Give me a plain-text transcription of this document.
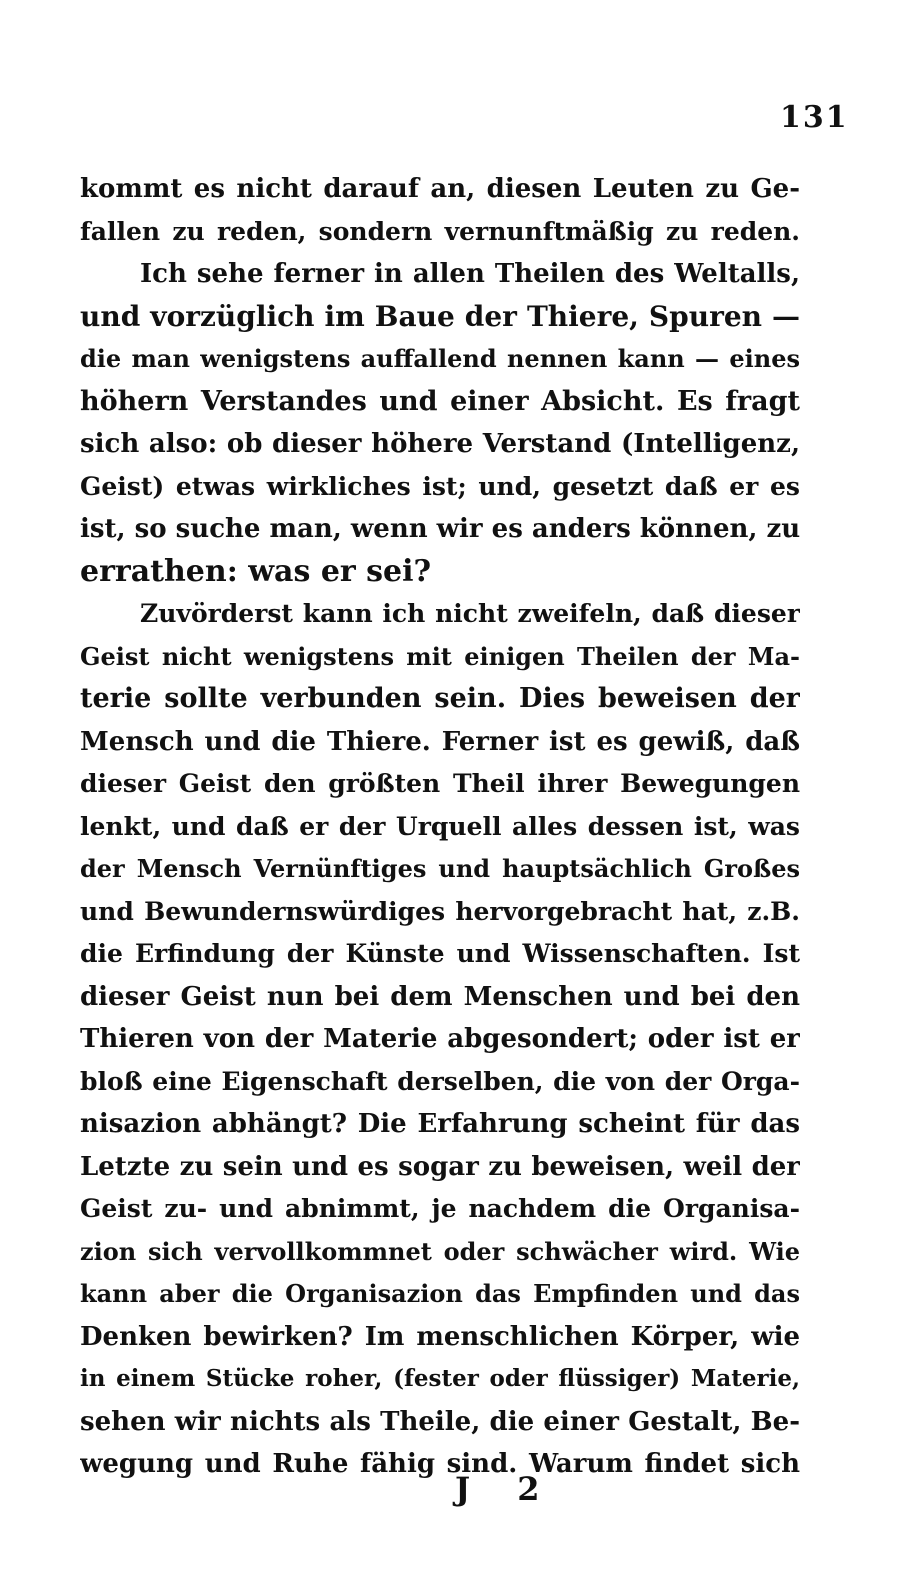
131
kommt es nicht darauf an, diesen Leuten zu Ge-
fallen zu reden, sondern vernunftmäßig zu reden.
Ich sehe ferner in allen Theilen des Weltalls,
und vorzüglich im Baue der Thiere, Spuren —
die man wenigstens auffallend nennen kann — eines
höhern Verstandes und einer Absicht. Es fragt
sich also: ob dieser höhere Verstand (Intelligenz,
Geist) etwas wirkliches ist; und, gesetzt daß er es
ist, so suche man, wenn wir es anders können, zu
errathen: was er sei?
Zuvörderst kann ich nicht zweifeln, daß dieser
Geist nicht wenigstens mit einigen Theilen der Ma-
terie sollte verbunden sein. Dies beweisen der
Mensch und die Thiere. Ferner ist es gewiß, daß
dieser Geist den größten Theil ihrer Bewegungen
lenkt, und daß er der Urquell alles dessen ist, was
der Mensch Vernünftiges und hauptsächlich Großes
und Bewundernswürdiges hervorgebracht hat, z.B.
die Erfindung der Künste und Wissenschaften. Ist
dieser Geist nun bei dem Menschen und bei den
Thieren von der Materie abgesondert; oder ist er
bloß eine Eigenschaft derselben, die von der Orga-
nisazion abhängt? Die Erfahrung scheint für das
Letzte zu sein und es sogar zu beweisen, weil der
Geist zu- und abnimmt, je nachdem die Organisa-
zion sich vervollkommnet oder schwächer wird. Wie
kann aber die Organisazion das Empfinden und das
Denken bewirken? Im menschlichen Körper, wie
in einem Stücke roher, (fester oder flüssiger) Materie,
sehen wir nichts als Theile, die einer Gestalt, Be-
wegung und Ruhe fähig sind. Warum findet sich
J 2
